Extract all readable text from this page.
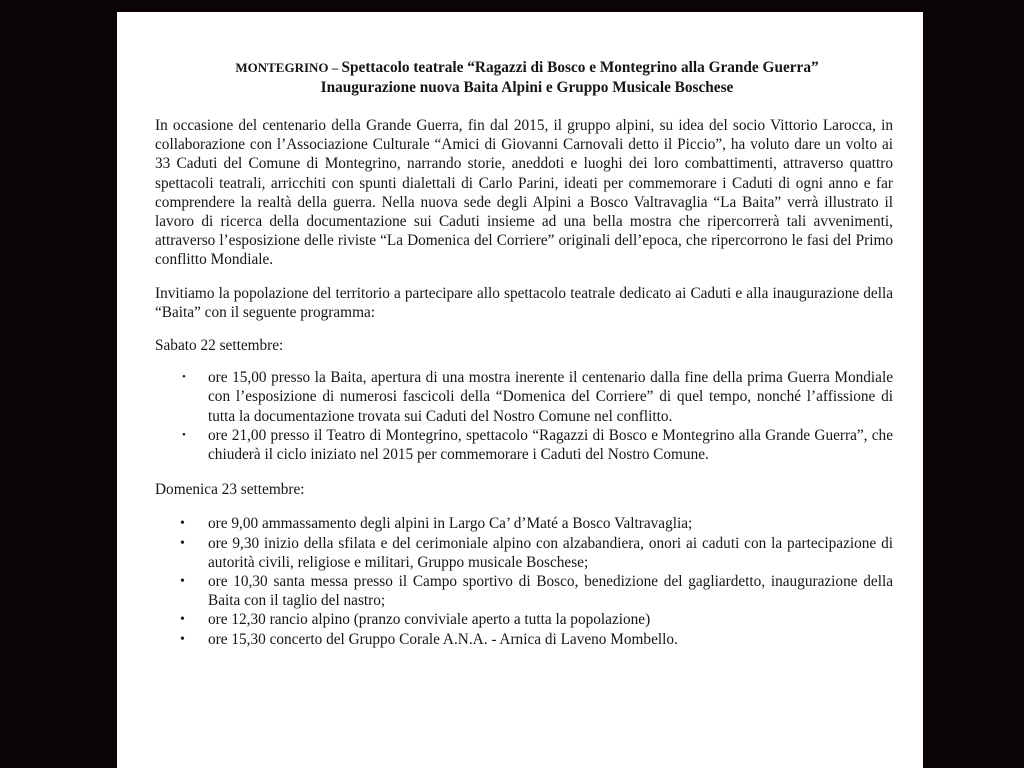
MONTEGRINO – Spettacolo teatrale “Ragazzi di Bosco e Montegrino alla Grande Guerra”
Inaugurazione nuova Baita Alpini e Gruppo Musicale Boschese

In occasione del centenario della Grande Guerra, fin dal 2015, il gruppo alpini, su idea del socio Vittorio Larocca, in collaborazione con l’Associazione Culturale “Amici di Giovanni Carnovali detto il Piccio”, ha voluto dare un volto ai 33 Caduti del Comune di Montegrino, narrando storie, aneddoti e luoghi dei loro combattimenti, attraverso quattro spettacoli teatrali, arricchiti con spunti dialettali di Carlo Parini, ideati per commemorare i Caduti di ogni anno e far comprendere la realtà della guerra. Nella nuova sede degli Alpini a Bosco Valtravaglia “La Baita” verrà illustrato il lavoro di ricerca della documentazione sui Caduti insieme ad una bella mostra che ripercorrerà tali avvenimenti, attraverso l’esposizione delle riviste “La Domenica del Corriere” originali dell’epoca, che ripercorrono le fasi del Primo conflitto Mondiale.

Invitiamo la popolazione del territorio a partecipare allo spettacolo teatrale dedicato ai Caduti e alla inaugurazione della “Baita” con il seguente programma:

Sabato 22 settembre:

• ore 15,00 presso la Baita, apertura di una mostra inerente il centenario dalla fine della prima Guerra Mondiale con l’esposizione di numerosi fascicoli della “Domenica del Corriere” di quel tempo, nonché l’affissione di tutta la documentazione trovata sui Caduti del Nostro Comune nel conflitto.
• ore 21,00 presso il Teatro di Montegrino, spettacolo “Ragazzi di Bosco e Montegrino alla Grande Guerra”, che chiuderà il ciclo iniziato nel 2015 per commemorare i Caduti del Nostro Comune.

Domenica 23 settembre:

• ore 9,00 ammassamento degli alpini in Largo Ca’ d’Maté a Bosco Valtravaglia;
• ore 9,30 inizio della sfilata e del cerimoniale alpino con alzabandiera, onori ai caduti con la partecipazione di autorità civili, religiose e militari, Gruppo musicale Boschese;
• ore 10,30 santa messa presso il Campo sportivo di Bosco, benedizione del gagliardetto, inaugurazione della Baita con il taglio del nastro;
• ore 12,30 rancio alpino (pranzo conviviale aperto a tutta la popolazione)
• ore 15,30 concerto del Gruppo Corale A.N.A. - Arnica di Laveno Mombello.
